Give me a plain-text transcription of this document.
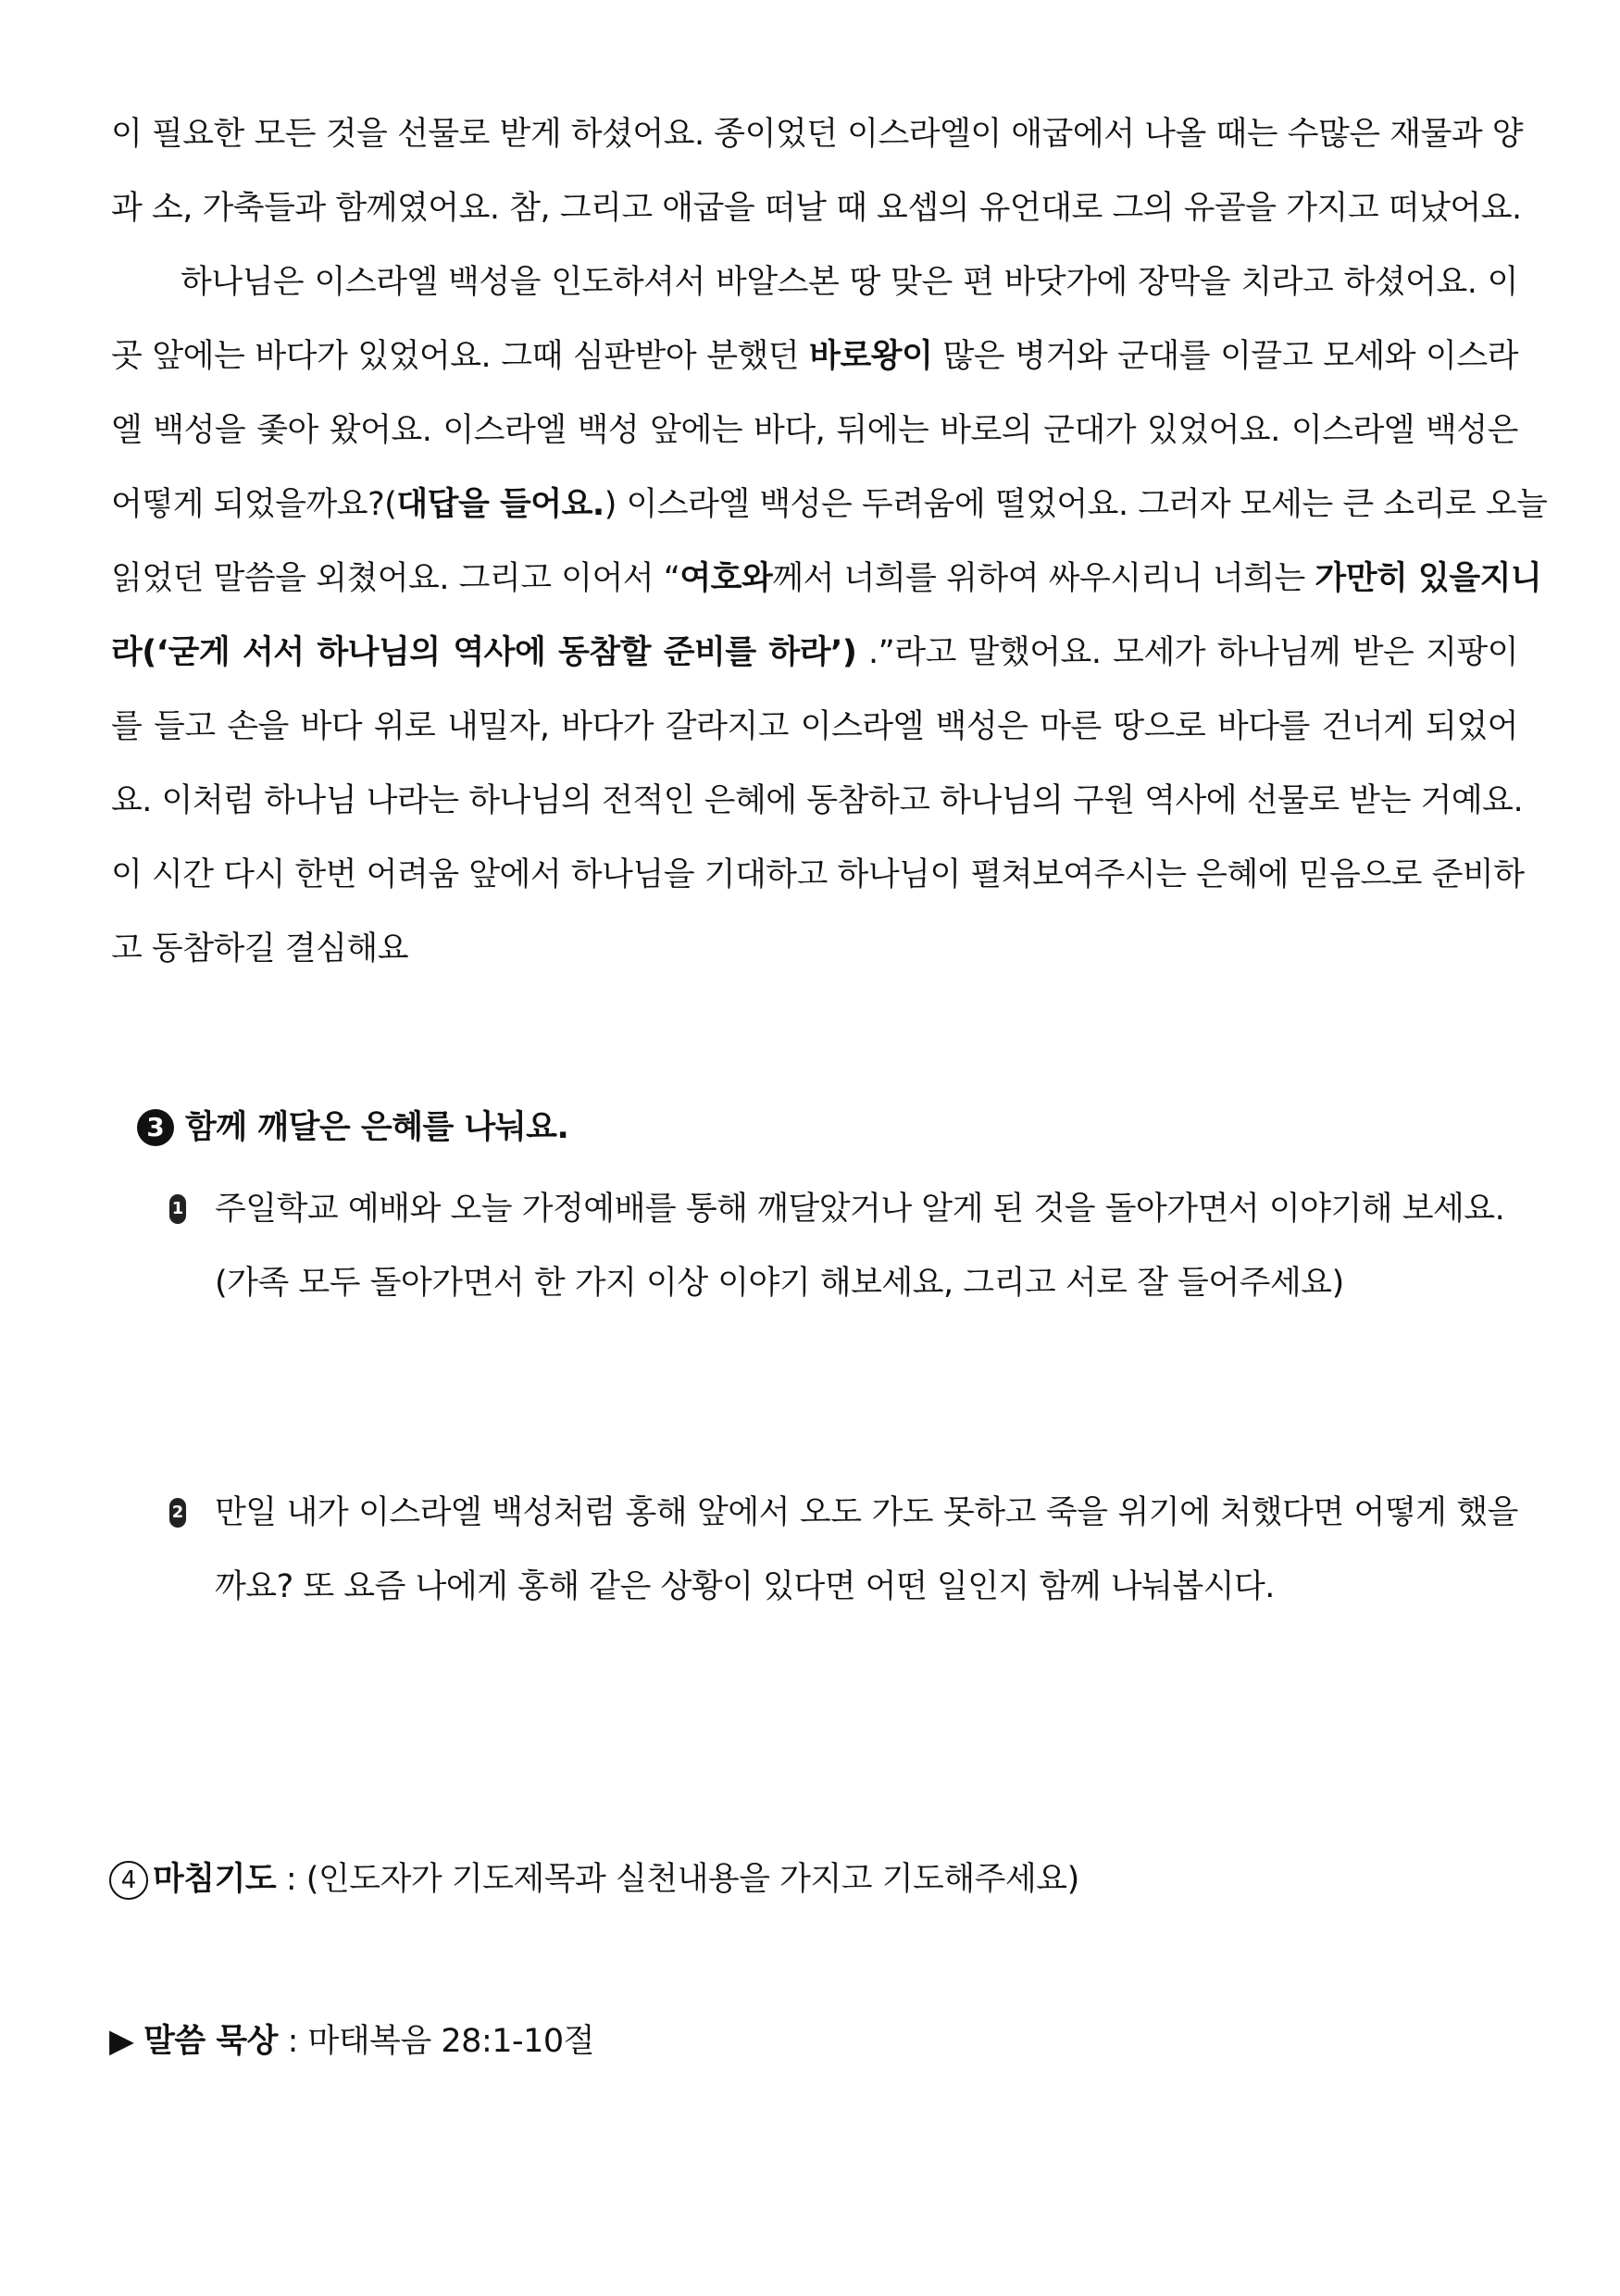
이 필요한 모든 것을 선물로 받게 하셨어요. 종이었던 이스라엘이 애굽에서 나올 때는 수많은 재물과 양
과 소, 가축들과 함께였어요. 참, 그리고 애굽을 떠날 때 요셉의 유언대로 그의 유골을 가지고 떠났어요.
하나님은 이스라엘 백성을 인도하셔서 바알스본 땅 맞은 편 바닷가에 장막을 치라고 하셨어요. 이
곳 앞에는 바다가 있었어요. 그때 심판받아 분했던 바로왕이 많은 병거와 군대를 이끌고 모세와 이스라
엘 백성을 좇아 왔어요. 이스라엘 백성 앞에는 바다, 뒤에는 바로의 군대가 있었어요. 이스라엘 백성은
어떻게 되었을까요?(대답을 들어요.) 이스라엘 백성은 두려움에 떨었어요. 그러자 모세는 큰 소리로 오늘
읽었던 말씀을 외쳤어요. 그리고 이어서 “여호와께서 너희를 위하여 싸우시리니 너희는 가만히 있을지니
라(‘굳게 서서 하나님의 역사에 동참할 준비를 하라’) .”라고 말했어요. 모세가 하나님께 받은 지팡이
를 들고 손을 바다 위로 내밀자, 바다가 갈라지고 이스라엘 백성은 마른 땅으로 바다를 건너게 되었어
요. 이처럼 하나님 나라는 하나님의 전적인 은혜에 동참하고 하나님의 구원 역사에 선물로 받는 거예요.
이 시간 다시 한번 어려움 앞에서 하나님을 기대하고 하나님이 펼쳐보여주시는 은혜에 믿음으로 준비하
고 동참하길 결심해요
3 함께 깨달은 은혜를 나눠요.
1 주일학교 예배와 오늘 가정예배를 통해 깨달았거나 알게 된 것을 돌아가면서 이야기해 보세요.
(가족 모두 돌아가면서 한 가지 이상 이야기 해보세요, 그리고 서로 잘 들어주세요)
2 만일 내가 이스라엘 백성처럼 홍해 앞에서 오도 가도 못하고 죽을 위기에 처했다면 어떻게 했을
까요? 또 요즘 나에게 홍해 같은 상황이 있다면 어떤 일인지 함께 나눠봅시다.
4 마침기도 : (인도자가 기도제목과 실천내용을 가지고 기도해주세요)
▶ 말씀 묵상 : 마태복음 28:1-10절
